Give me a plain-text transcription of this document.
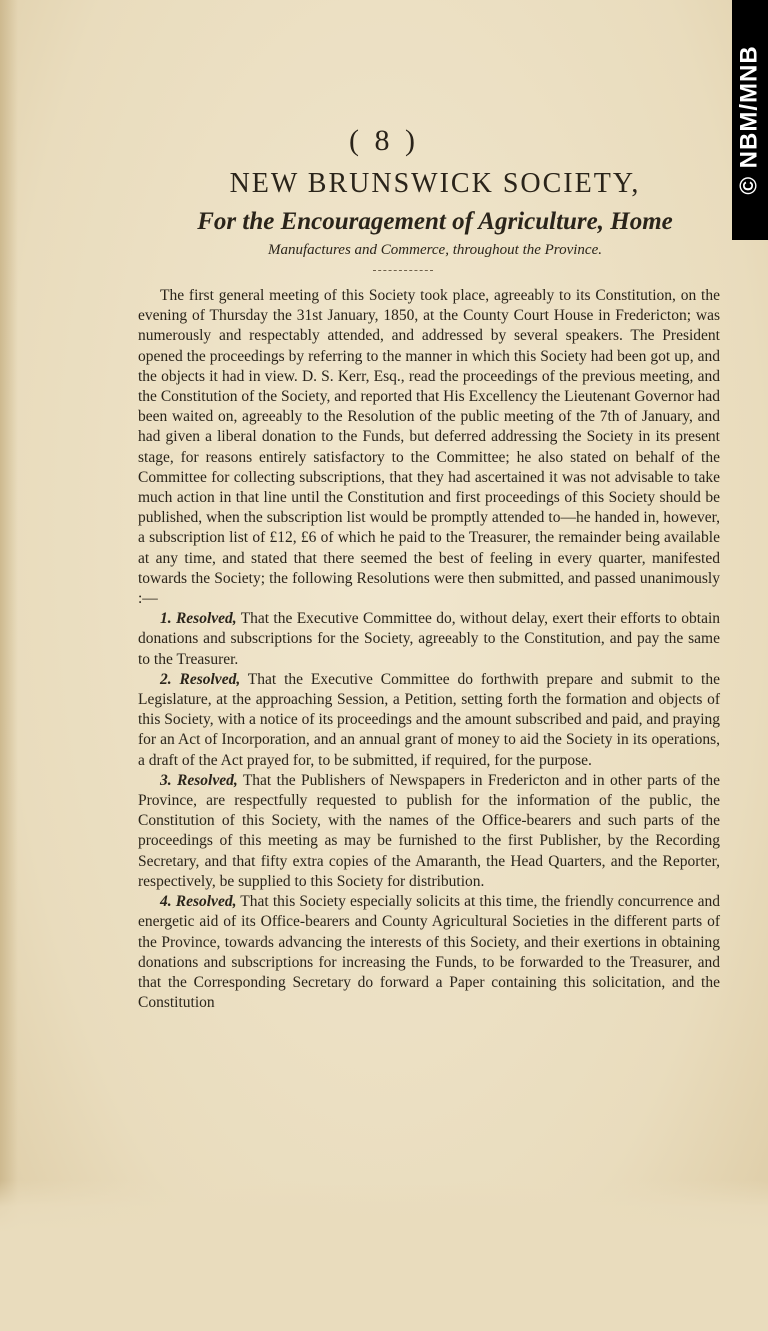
© NBM/MNB
( 8 )
NEW BRUNSWICK SOCIETY,
For the Encouragement of Agriculture, Home
Manufactures and Commerce, throughout the Province.

The first general meeting of this Society took place, agreeably to its Constitution, on the evening of Thursday the 31st January, 1850, at the County Court House in Fredericton; was numerously and respectably attended, and addressed by several speakers. The President opened the proceedings by referring to the manner in which this Society had been got up, and the objects it had in view. D. S. Kerr, Esq., read the proceedings of the previous meeting, and the Constitution of the Society, and reported that His Excellency the Lieutenant Governor had been waited on, agreeably to the Resolution of the public meeting of the 7th of January, and had given a liberal donation to the Funds, but deferred addressing the Society in its present stage, for reasons entirely satisfactory to the Committee; he also stated on behalf of the Committee for collecting subscriptions, that they had ascertained it was not advisable to take much action in that line until the Constitution and first proceedings of this Society should be published, when the subscription list would be promptly attended to—he handed in, however, a subscription list of £12, £6 of which he paid to the Treasurer, the remainder being available at any time, and stated that there seemed the best of feeling in every quarter, manifested towards the Society; the following Resolutions were then submitted, and passed unanimously :—

1. Resolved, That the Executive Committee do, without delay, exert their efforts to obtain donations and subscriptions for the Society, agreeably to the Constitution, and pay the same to the Treasurer.

2. Resolved, That the Executive Committee do forthwith prepare and submit to the Legislature, at the approaching Session, a Petition, setting forth the formation and objects of this Society, with a notice of its proceedings and the amount subscribed and paid, and praying for an Act of Incorporation, and an annual grant of money to aid the Society in its operations, a draft of the Act prayed for, to be submitted, if required, for the purpose.

3. Resolved, That the Publishers of Newspapers in Fredericton and in other parts of the Province, are respectfully requested to publish for the information of the public, the Constitution of this Society, with the names of the Office-bearers and such parts of the proceedings of this meeting as may be furnished to the first Publisher, by the Recording Secretary, and that fifty extra copies of the Amaranth, the Head Quarters, and the Reporter, respectively, be supplied to this Society for distribution.

4. Resolved, That this Society especially solicits at this time, the friendly concurrence and energetic aid of its Office-bearers and County Agricultural Societies in the different parts of the Province, towards advancing the interests of this Society, and their exertions in obtaining donations and subscriptions for increasing the Funds, to be forwarded to the Treasurer, and that the Corresponding Secretary do forward a Paper containing this solicitation, and the Constitution
